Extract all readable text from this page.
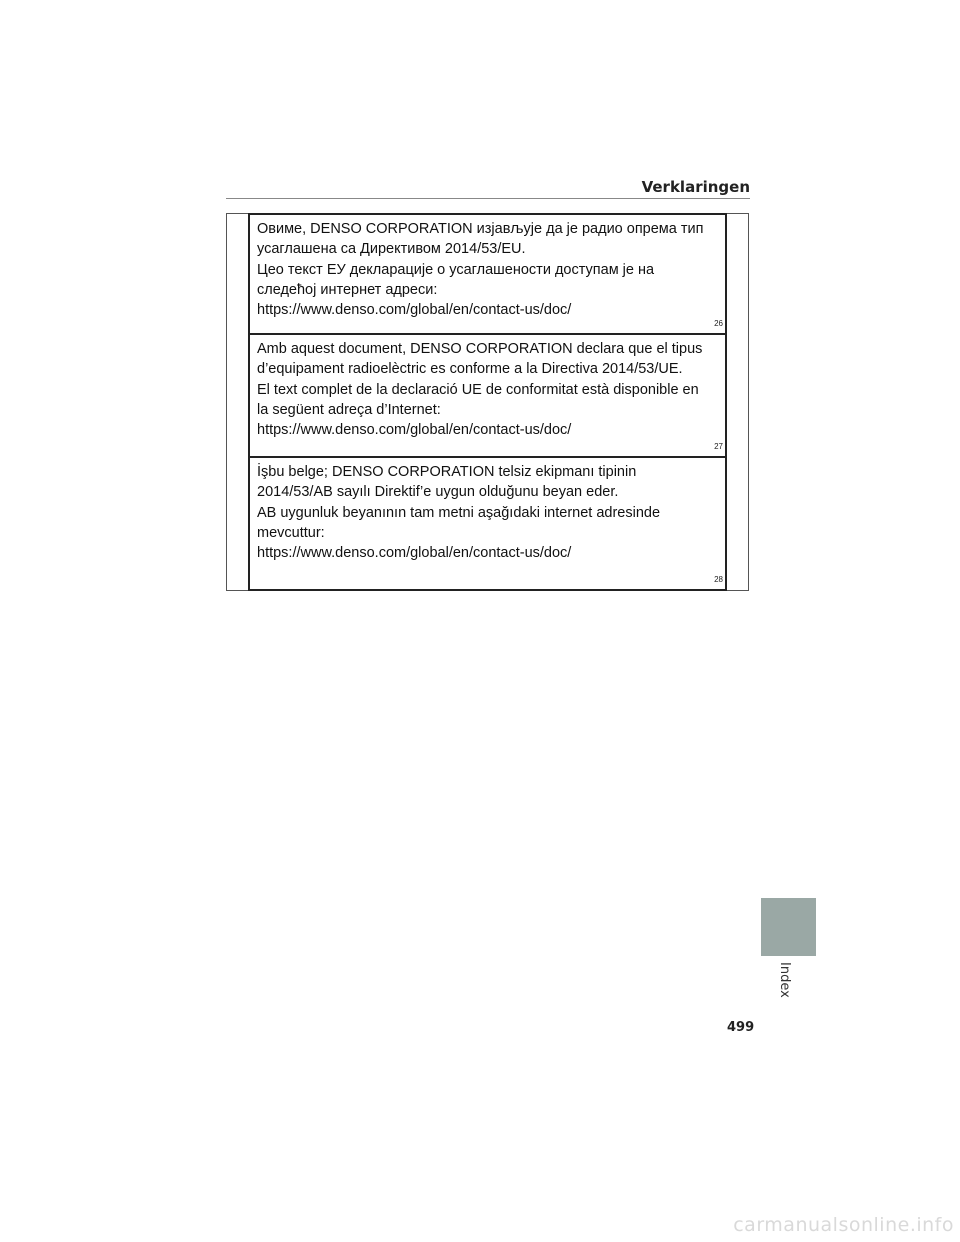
Verklaringen
Овиме, DENSO CORPORATION изјављује да је радио опрема тип
усаглашена са Директивом 2014/53/EU.
Цео текст ЕУ декларације о усаглашености доступам је на
следећој интернет адреси:
https://www.denso.com/global/en/contact-us/doc/
26
Amb aquest document, DENSO CORPORATION declara que el tipus
d’equipament radioelèctric es conforme a la Directiva 2014/53/UE.
El text complet de la declaració UE de conformitat està disponible en
la següent adreça d’Internet:
https://www.denso.com/global/en/contact-us/doc/
27
İşbu belge; DENSO CORPORATION telsiz ekipmanı tipinin
2014/53/AB sayılı Direktif’e uygun olduğunu beyan eder.
AB uygunluk beyanının tam metni aşağıdaki internet adresinde
mevcuttur:
https://www.denso.com/global/en/contact-us/doc/
28
Index
499
carmanualsonline.info
